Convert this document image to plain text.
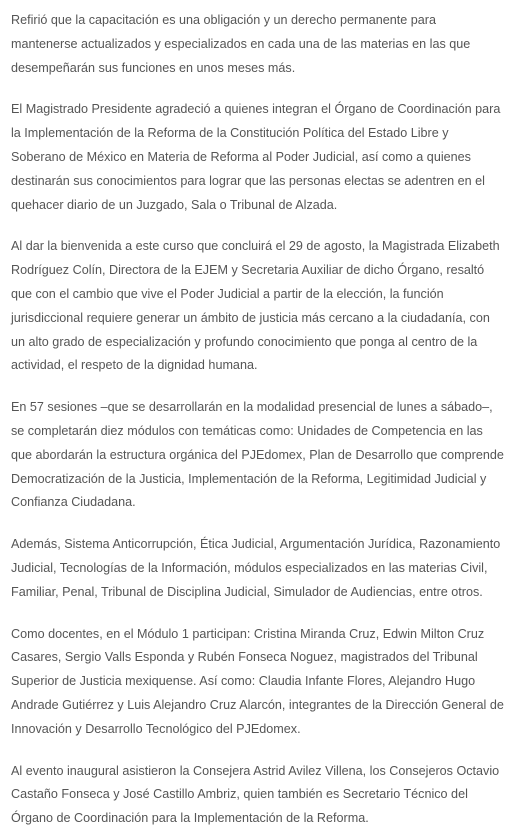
Refirió que la capacitación es una obligación y un derecho permanente para mantenerse actualizados y especializados en cada una de las materias en las que desempeñarán sus funciones en unos meses más.

El Magistrado Presidente agradeció a quienes integran el Órgano de Coordinación para la Implementación de la Reforma de la Constitución Política del Estado Libre y Soberano de México en Materia de Reforma al Poder Judicial, así como a quienes destinarán sus conocimientos para lograr que las personas electas se adentren en el quehacer diario de un Juzgado, Sala o Tribunal de Alzada.

Al dar la bienvenida a este curso que concluirá el 29 de agosto, la Magistrada Elizabeth Rodríguez Colín, Directora de la EJEM y Secretaria Auxiliar de dicho Órgano, resaltó que con el cambio que vive el Poder Judicial a partir de la elección, la función jurisdiccional requiere generar un ámbito de justicia más cercano a la ciudadanía, con un alto grado de especialización y profundo conocimiento que ponga al centro de la actividad, el respeto de la dignidad humana.

En 57 sesiones –que se desarrollarán en la modalidad presencial de lunes a sábado–, se completarán diez módulos con temáticas como: Unidades de Competencia en las que abordarán la estructura orgánica del PJEdomex, Plan de Desarrollo que comprende Democratización de la Justicia, Implementación de la Reforma, Legitimidad Judicial y Confianza Ciudadana.

Además, Sistema Anticorrupción, Ética Judicial, Argumentación Jurídica, Razonamiento Judicial, Tecnologías de la Información, módulos especializados en las materias Civil, Familiar, Penal, Tribunal de Disciplina Judicial, Simulador de Audiencias, entre otros.

Como docentes, en el Módulo 1 participan: Cristina Miranda Cruz, Edwin Milton Cruz Casares, Sergio Valls Esponda y Rubén Fonseca Noguez, magistrados del Tribunal Superior de Justicia mexiquense. Así como: Claudia Infante Flores, Alejandro Hugo Andrade Gutiérrez y Luis Alejandro Cruz Alarcón, integrantes de la Dirección General de Innovación y Desarrollo Tecnológico del PJEdomex.

Al evento inaugural asistieron la Consejera Astrid Avilez Villena, los Consejeros Octavio Castaño Fonseca y José Castillo Ambriz, quien también es Secretario Técnico del Órgano de Coordinación para la Implementación de la Reforma.
